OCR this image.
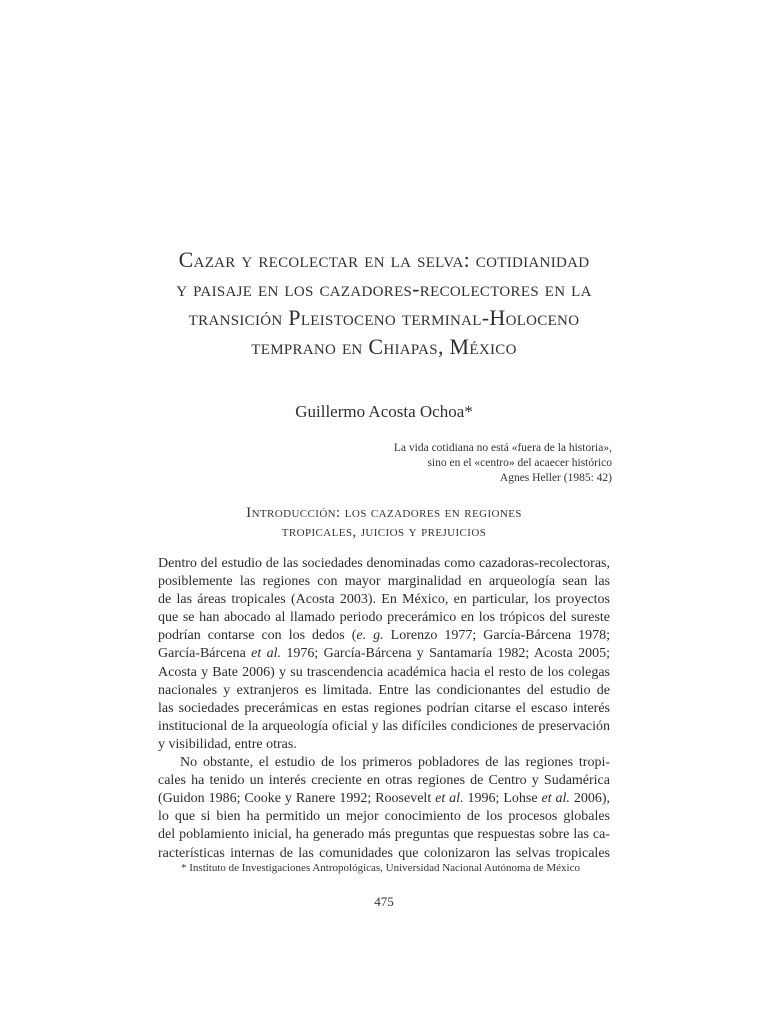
Cazar y recolectar en la selva: cotidianidad
y paisaje en los cazadores-recolectores en la
transición Pleistoceno terminal-Holoceno
temprano en Chiapas, México
Guillermo Acosta Ochoa*
La vida cotidiana no está «fuera de la historia»,
sino en el «centro» del acaecer histórico
Agnes Heller (1985: 42)
Introducción: los cazadores en regiones
tropicales, juicios y prejuicios
Dentro del estudio de las sociedades denominadas como cazadoras-recolectoras,
posiblemente las regiones con mayor marginalidad en arqueología sean las
de las áreas tropicales (Acosta 2003). En México, en particular, los proyectos
que se han abocado al llamado periodo precerámico en los trópicos del sureste
podrían contarse con los dedos (e. g. Lorenzo 1977; García-Bárcena 1978;
García-Bárcena et al. 1976; García-Bárcena y Santamaría 1982; Acosta 2005;
Acosta y Bate 2006) y su trascendencia académica hacia el resto de los colegas
nacionales y extranjeros es limitada. Entre las condicionantes del estudio de
las sociedades precerámicas en estas regiones podrían citarse el escaso interés
institucional de la arqueología oficial y las difíciles condiciones de preservación
y visibilidad, entre otras.
No obstante, el estudio de los primeros pobladores de las regiones tropi-
cales ha tenido un interés creciente en otras regiones de Centro y Sudamérica
(Guidon 1986; Cooke y Ranere 1992; Roosevelt et al. 1996; Lohse et al. 2006),
lo que si bien ha permitido un mejor conocimiento de los procesos globales
del poblamiento inicial, ha generado más preguntas que respuestas sobre las ca-
racterísticas internas de las comunidades que colonizaron las selvas tropicales
* Instituto de Investigaciones Antropológicas, Universidad Nacional Autónoma de México
475
